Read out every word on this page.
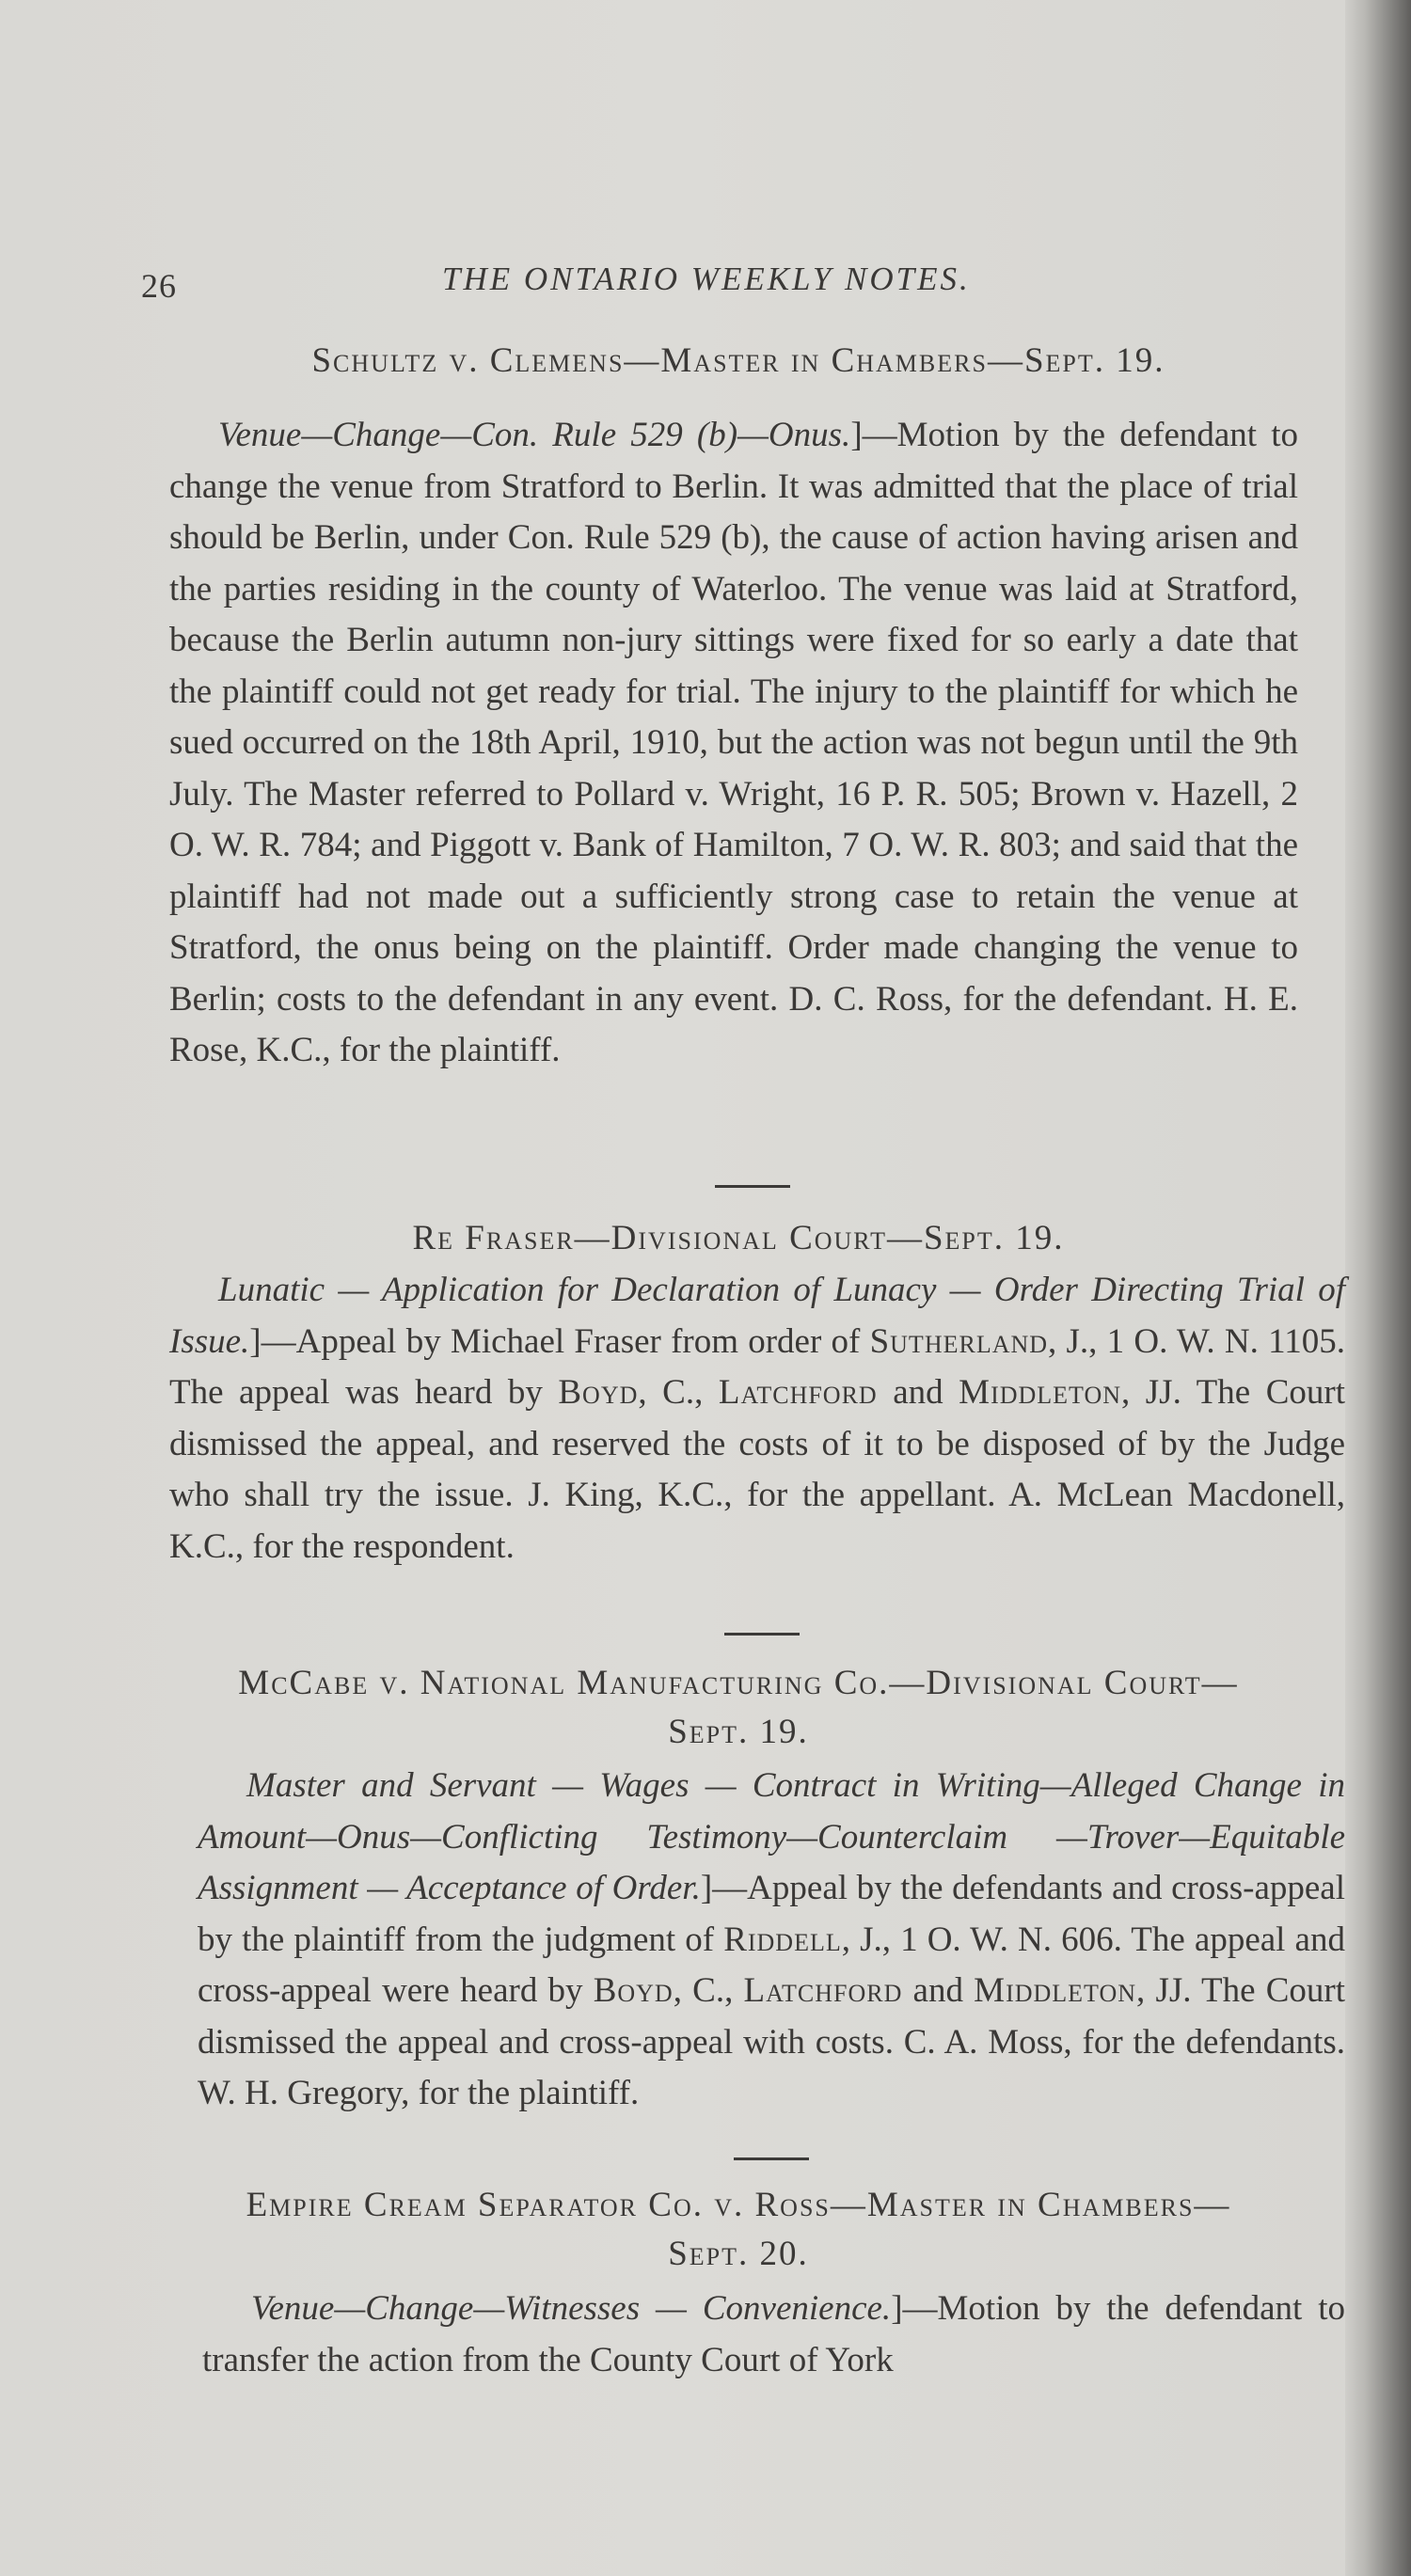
26	THE ONTARIO WEEKLY NOTES.
Schultz v. Clemens—Master in Chambers—Sept. 19.
Venue—Change—Con. Rule 529 (b)—Onus.]—Motion by the defendant to change the venue from Stratford to Berlin. It was admitted that the place of trial should be Berlin, under Con. Rule 529 (b), the cause of action having arisen and the parties residing in the county of Waterloo. The venue was laid at Stratford, because the Berlin autumn non-jury sittings were fixed for so early a date that the plaintiff could not get ready for trial. The injury to the plaintiff for which he sued occurred on the 18th April, 1910, but the action was not begun until the 9th July. The Master referred to Pollard v. Wright, 16 P. R. 505; Brown v. Hazell, 2 O. W. R. 784; and Piggott v. Bank of Hamilton, 7 O. W. R. 803; and said that the plaintiff had not made out a sufficiently strong case to retain the venue at Stratford, the onus being on the plaintiff. Order made changing the venue to Berlin; costs to the defendant in any event. D. C. Ross, for the defendant. H. E. Rose, K.C., for the plaintiff.
Re Fraser—Divisional Court—Sept. 19.
Lunatic — Application for Declaration of Lunacy — Order Directing Trial of Issue.]—Appeal by Michael Fraser from order of Sutherland, J., 1 O. W. N. 1105. The appeal was heard by Boyd, C., Latchford and Middleton, JJ. The Court dismissed the appeal, and reserved the costs of it to be disposed of by the Judge who shall try the issue. J. King, K.C., for the appellant. A. McLean Macdonell, K.C., for the respondent.
McCabe v. National Manufacturing Co.—Divisional Court—
Sept. 19.
Master and Servant — Wages — Contract in Writing—Alleged Change in Amount—Onus—Conflicting Testimony—Counterclaim —Trover—Equitable Assignment — Acceptance of Order.]—Appeal by the defendants and cross-appeal by the plaintiff from the judgment of Riddell, J., 1 O. W. N. 606. The appeal and cross-appeal were heard by Boyd, C., Latchford and Middleton, JJ. The Court dismissed the appeal and cross-appeal with costs. C. A. Moss, for the defendants. W. H. Gregory, for the plaintiff.
Empire Cream Separator Co. v. Ross—Master in Chambers—
Sept. 20.
Venue—Change—Witnesses — Convenience.]—Motion by the defendant to transfer the action from the County Court of York
